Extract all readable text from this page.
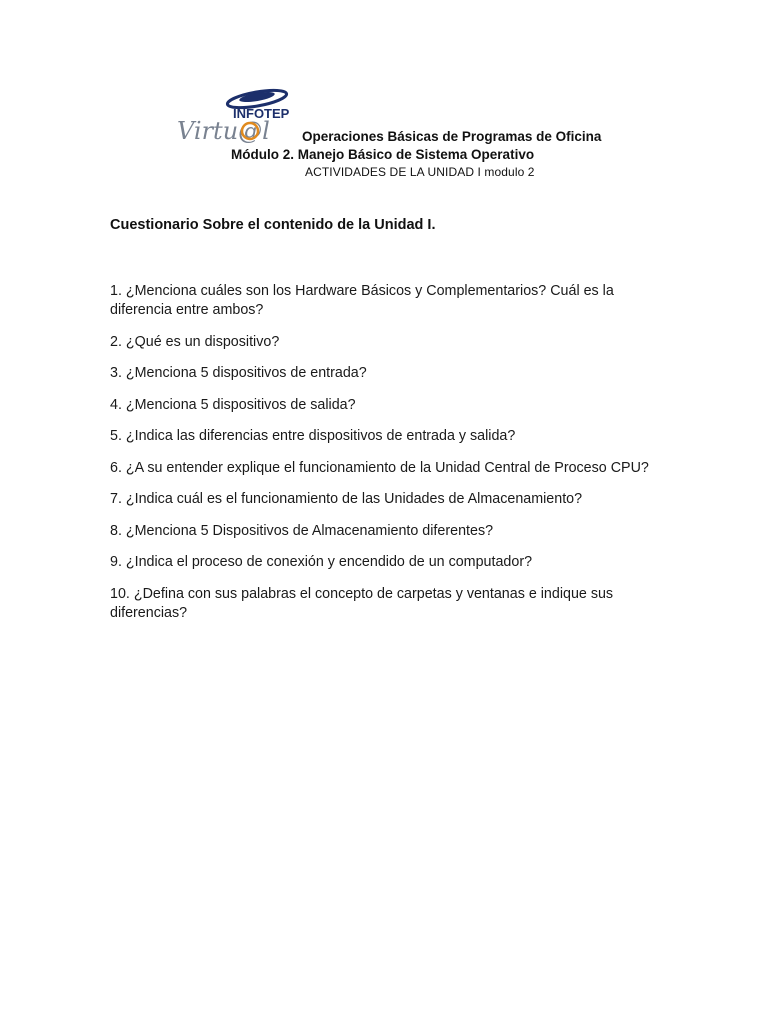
INFOTEP
Virtu@l Operaciones Básicas de Programas de Oficina
Módulo 2. Manejo Básico de Sistema Operativo
ACTIVIDADES DE LA UNIDAD I modulo 2
Cuestionario Sobre el contenido de la Unidad I.
1. ¿Menciona cuáles son los Hardware Básicos y Complementarios? Cuál es la diferencia entre ambos?
2. ¿Qué es un dispositivo?
3. ¿Menciona 5 dispositivos de entrada?
4. ¿Menciona 5 dispositivos de salida?
5. ¿Indica las diferencias entre dispositivos de entrada y salida?
6. ¿A su entender explique el funcionamiento de la Unidad Central de Proceso CPU?
7. ¿Indica cuál es el funcionamiento de las Unidades de Almacenamiento?
8. ¿Menciona 5 Dispositivos de Almacenamiento diferentes?
9. ¿Indica el proceso de conexión y encendido de un computador?
10. ¿Defina con sus palabras el concepto de carpetas y ventanas e indique sus diferencias?
